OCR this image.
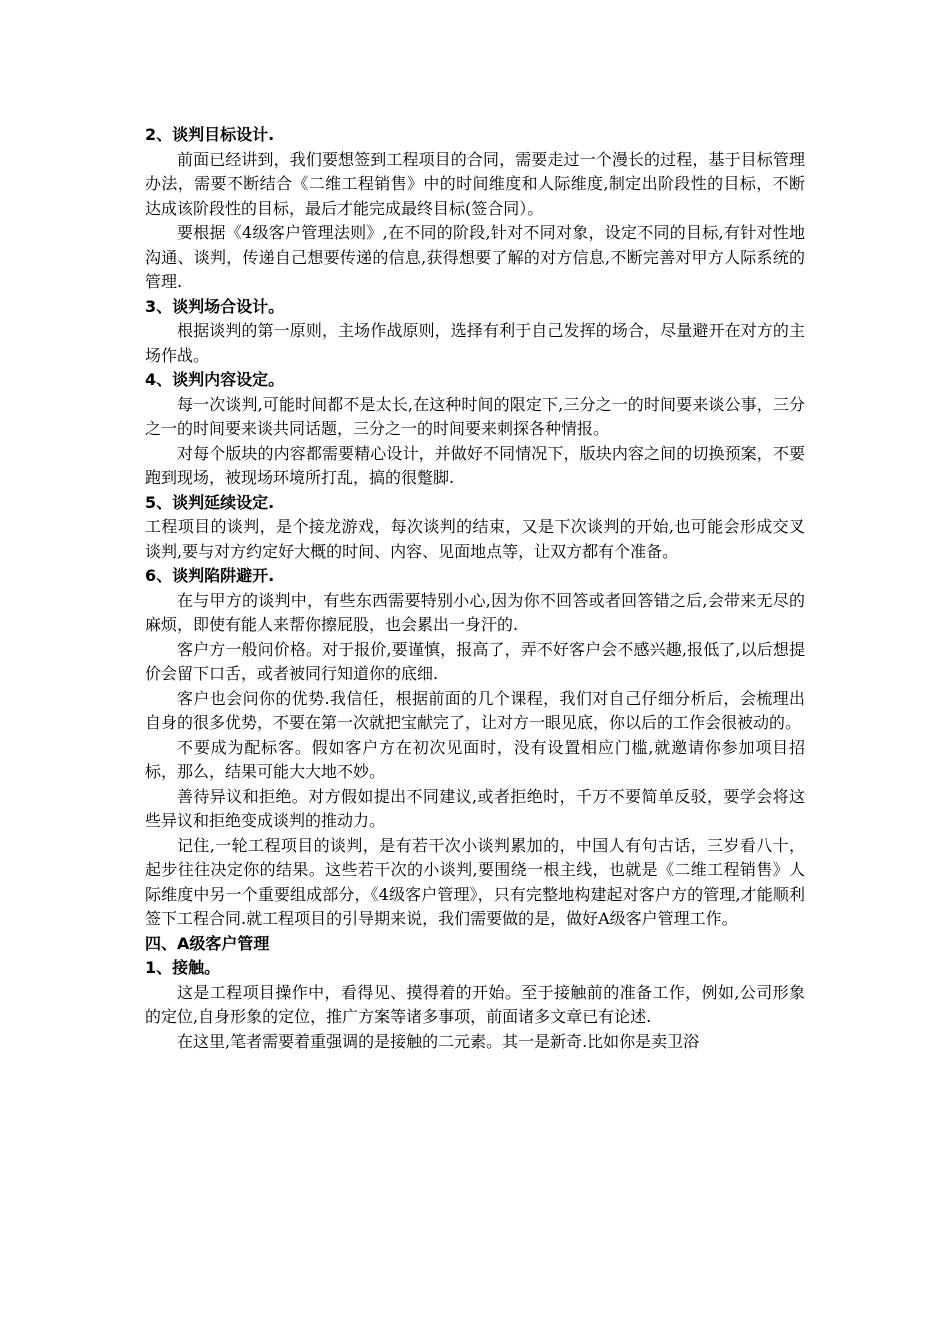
2、谈判目标设计.

前面已经讲到，我们要想签到工程项目的合同，需要走过一个漫长的过程，基于目标管理办法，需要不断结合《二维工程销售》中的时间维度和人际维度,制定出阶段性的目标，不断达成该阶段性的目标，最后才能完成最终目标(签合同）。

要根据《4级客户管理法则》,在不同的阶段,针对不同对象，设定不同的目标,有针对性地沟通、谈判，传递自己想要传递的信息,获得想要了解的对方信息,不断完善对甲方人际系统的管理.

3、谈判场合设计。

根据谈判的第一原则，主场作战原则，选择有利于自己发挥的场合，尽量避开在对方的主场作战。

4、谈判内容设定。

每一次谈判,可能时间都不是太长,在这种时间的限定下,三分之一的时间要来谈公事，三分之一的时间要来谈共同话题，三分之一的时间要来刺探各种情报。

对每个版块的内容都需要精心设计，并做好不同情况下，版块内容之间的切换预案，不要跑到现场，被现场环境所打乱，搞的很蹩脚.

5、谈判延续设定.

工程项目的谈判，是个接龙游戏，每次谈判的结束，又是下次谈判的开始,也可能会形成交叉谈判,要与对方约定好大概的时间、内容、见面地点等，让双方都有个准备。

6、谈判陷阱避开.

在与甲方的谈判中，有些东西需要特别小心,因为你不回答或者回答错之后,会带来无尽的麻烦，即使有能人来帮你擦屁股，也会累出一身汗的.

客户方一般问价格。对于报价,要谨慎，报高了，弄不好客户会不感兴趣,报低了,以后想提价会留下口舌，或者被同行知道你的底细.

客户也会问你的优势.我信任，根据前面的几个课程，我们对自己仔细分析后，会梳理出自身的很多优势，不要在第一次就把宝献完了，让对方一眼见底，你以后的工作会很被动的。

不要成为配标客。假如客户方在初次见面时，没有设置相应门槛,就邀请你参加项目招标，那么，结果可能大大地不妙。

善待异议和拒绝。对方假如提出不同建议,或者拒绝时，千万不要简单反驳，要学会将这些异议和拒绝变成谈判的推动力。

记住,一轮工程项目的谈判，是有若干次小谈判累加的，中国人有句古话，三岁看八十，起步往往决定你的结果。这些若干次的小谈判,要围绕一根主线，也就是《二维工程销售》人际维度中另一个重要组成部分，《4级客户管理》，只有完整地构建起对客户方的管理,才能顺利签下工程合同.就工程项目的引导期来说，我们需要做的是，做好A级客户管理工作。

四、A级客户管理

1、接触。

这是工程项目操作中，看得见、摸得着的开始。至于接触前的准备工作，例如,公司形象的定位,自身形象的定位，推广方案等诸多事项，前面诸多文章已有论述.

在这里,笔者需要着重强调的是接触的二元素。其一是新奇.比如你是卖卫浴
